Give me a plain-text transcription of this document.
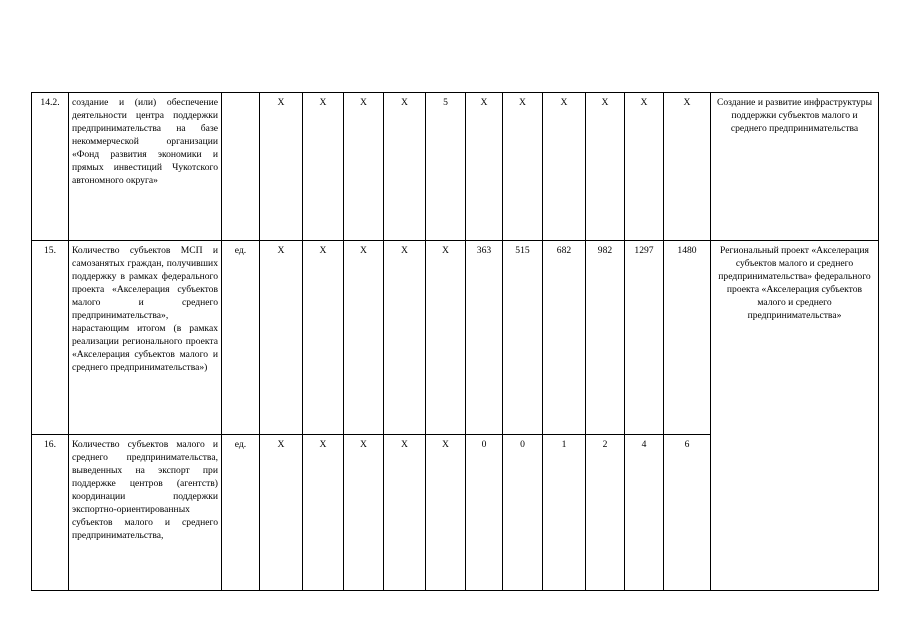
14.2.	создание и (или) обеспечение деятельности центра поддержки предпринимательства на базе некоммерческой организации «Фонд развития экономики и прямых инвестиций Чукотского автономного округа»		X	X	X	X	5	X	X	X	X	X	X	Создание и развитие инфраструктуры поддержки субъектов малого и среднего предпринимательства
15.	Количество субъектов МСП и самозанятых граждан, получивших поддержку в рамках федерального проекта «Акселерация субъектов малого и среднего предпринимательства», нарастающим итогом (в рамках реализации регионального проекта «Акселерация субъектов малого и среднего предпринимательства»)	ед.	X	X	X	X	X	363	515	682	982	1297	1480	Региональный проект «Акселерация субъектов малого и среднего предпринимательства» федерального проекта «Акселерация субъектов малого и среднего предпринимательства»
16.	Количество субъектов малого и среднего предпринимательства, выведенных на экспорт при поддержке центров (агентств) координации поддержки экспортно-ориентированных субъектов малого и среднего предпринимательства,	ед.	X	X	X	X	X	0	0	1	2	4	6	
